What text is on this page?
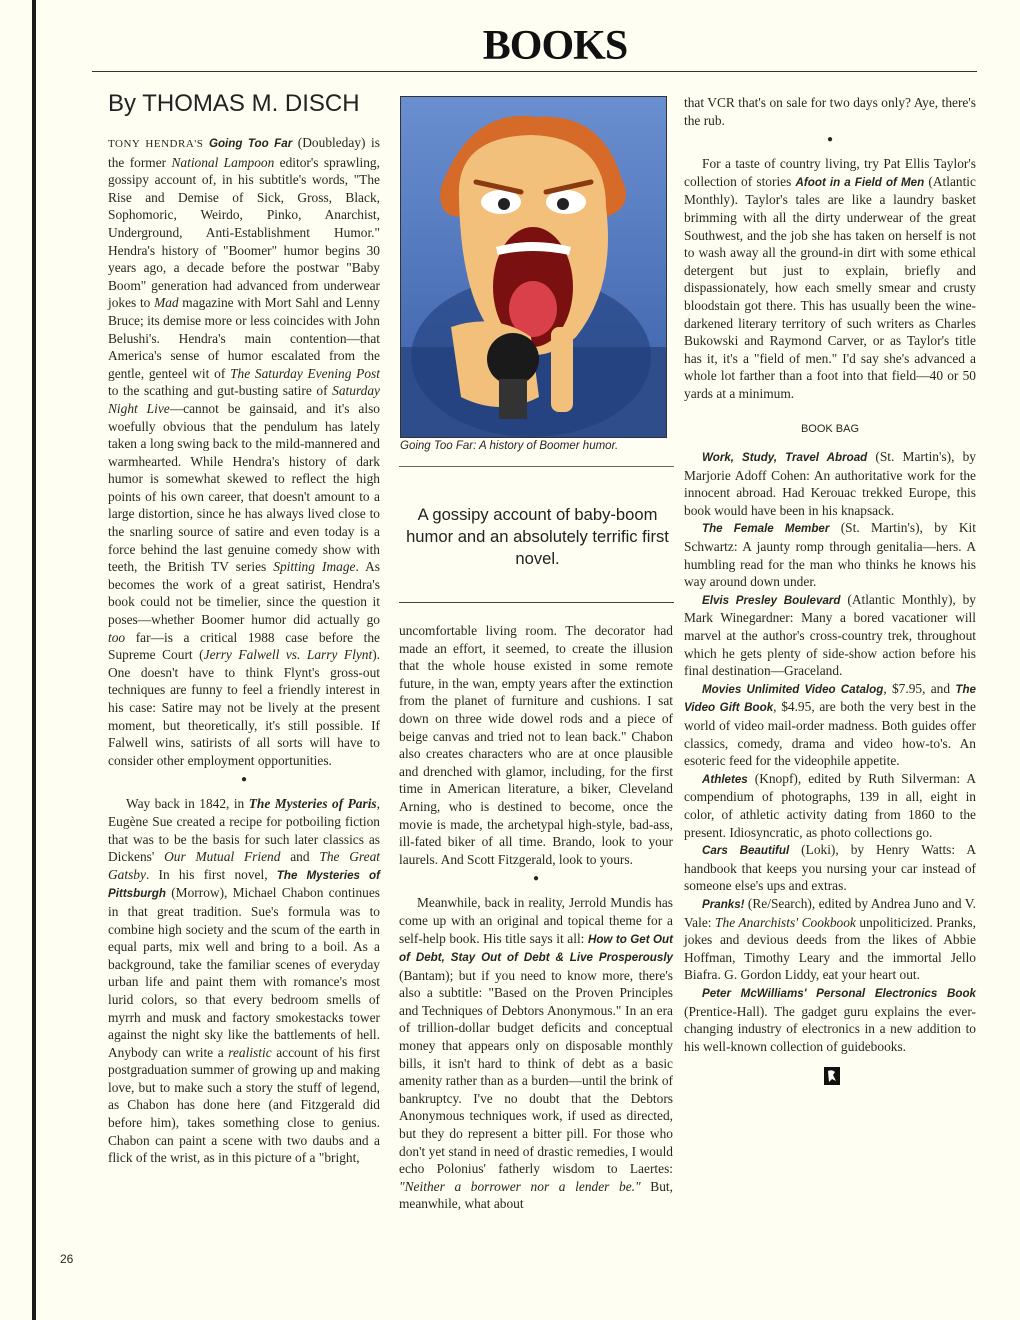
BOOKS
By THOMAS M. DISCH

TONY HENDRA'S Going Too Far (Doubleday) is the former National Lampoon editor's sprawling, gossipy account of, in his subtitle's words, "The Rise and Demise of Sick, Gross, Black, Sophomoric, Weirdo, Pinko, Anarchist, Underground, Anti-Establishment Humor." Hendra's history of "Boomer" humor begins 30 years ago, a decade before the postwar "Baby Boom" generation had advanced from underwear jokes to Mad magazine with Mort Sahl and Lenny Bruce; its demise more or less coincides with John Belushi's. Hendra's main contention—that America's sense of humor escalated from the gentle, genteel wit of The Saturday Evening Post to the scathing and gut-busting satire of Saturday Night Live—cannot be gainsaid, and it's also woefully obvious that the pendulum has lately taken a long swing back to the mild-mannered and warmhearted. While Hendra's history of dark humor is somewhat skewed to reflect the high points of his own career, that doesn't amount to a large distortion, since he has always lived close to the snarling source of satire and even today is a force behind the last genuine comedy show with teeth, the British TV series Spitting Image. As becomes the work of a great satirist, Hendra's book could not be timelier, since the question it poses—whether Boomer humor did actually go too far—is a critical 1988 case before the Supreme Court (Jerry Falwell vs. Larry Flynt). One doesn't have to think Flynt's gross-out techniques are funny to feel a friendly interest in his case: Satire may not be lively at the present moment, but theoretically, it's still possible. If Falwell wins, satirists of all sorts will have to consider other employment opportunities.

●

Way back in 1842, in The Mysteries of Paris, Eugène Sue created a recipe for potboiling fiction that was to be the basis for such later classics as Dickens' Our Mutual Friend and The Great Gatsby. In his first novel, The Mysteries of Pittsburgh (Morrow), Michael Chabon continues in that great tradition. Sue's formula was to combine high society and the scum of the earth in equal parts, mix well and bring to a boil. As a background, take the familiar scenes of everyday urban life and paint them with romance's most lurid colors, so that every bedroom smells of myrrh and musk and factory smokestacks tower against the night sky like the battlements of hell. Anybody can write a realistic account of his first postgraduation summer of growing up and making love, but to make such a story the stuff of legend, as Chabon has done here (and Fitzgerald did before him), takes something close to genius. Chabon can paint a scene with two daubs and a flick of the wrist, as in this picture of a "bright,

Going Too Far: A history of Boomer humor.
A gossipy account of baby-boom humor and an absolutely terrific first novel.

uncomfortable living room. The decorator had made an effort, it seemed, to create the illusion that the whole house existed in some remote future, in the wan, empty years after the extinction from the planet of furniture and cushions. I sat down on three wide dowel rods and a piece of beige canvas and tried not to lean back." Chabon also creates characters who are at once plausible and drenched with glamor, including, for the first time in American literature, a biker, Cleveland Arning, who is destined to become, once the movie is made, the archetypal high-style, bad-ass, ill-fated biker of all time. Brando, look to your laurels. And Scott Fitzgerald, look to yours.

●

Meanwhile, back in reality, Jerrold Mundis has come up with an original and topical theme for a self-help book. His title says it all: How to Get Out of Debt, Stay Out of Debt & Live Prosperously (Bantam); but if you need to know more, there's also a subtitle: "Based on the Proven Principles and Techniques of Debtors Anonymous." In an era of trillion-dollar budget deficits and conceptual money that appears only on disposable monthly bills, it isn't hard to think of debt as a basic amenity rather than as a burden—until the brink of bankruptcy. I've no doubt that the Debtors Anonymous techniques work, if used as directed, but they do represent a bitter pill. For those who don't yet stand in need of drastic remedies, I would echo Polonius' fatherly wisdom to Laertes: "Neither a borrower nor a lender be." But, meanwhile, what about

that VCR that's on sale for two days only? Aye, there's the rub.

●

For a taste of country living, try Pat Ellis Taylor's collection of stories Afoot in a Field of Men (Atlantic Monthly). Taylor's tales are like a laundry basket brimming with all the dirty underwear of the great Southwest, and the job she has taken on herself is not to wash away all the ground-in dirt with some ethical detergent but just to explain, briefly and dispassionately, how each smelly smear and crusty bloodstain got there. This has usually been the wine-darkened literary territory of such writers as Charles Bukowski and Raymond Carver, or as Taylor's title has it, it's a "field of men." I'd say she's advanced a whole lot farther than a foot into that field—40 or 50 yards at a minimum.

BOOK BAG

Work, Study, Travel Abroad (St. Martin's), by Marjorie Adoff Cohen: An authoritative work for the innocent abroad. Had Kerouac trekked Europe, this book would have been in his knapsack.

The Female Member (St. Martin's), by Kit Schwartz: A jaunty romp through genitalia—hers. A humbling read for the man who thinks he knows his way around down under.

Elvis Presley Boulevard (Atlantic Monthly), by Mark Winegardner: Many a bored vacationer will marvel at the author's cross-country trek, throughout which he gets plenty of side-show action before his final destination—Graceland.

Movies Unlimited Video Catalog, $7.95, and The Video Gift Book, $4.95, are both the very best in the world of video mail-order madness. Both guides offer classics, comedy, drama and video how-to's. An esoteric feed for the videophile appetite.

Athletes (Knopf), edited by Ruth Silverman: A compendium of photographs, 139 in all, eight in color, of athletic activity dating from 1860 to the present. Idiosyncratic, as photo collections go.

Cars Beautiful (Loki), by Henry Watts: A handbook that keeps you nursing your car instead of someone else's ups and extras.

Pranks! (Re/Search), edited by Andrea Juno and V. Vale: The Anarchists' Cookbook unpoliticized. Pranks, jokes and devious deeds from the likes of Abbie Hoffman, Timothy Leary and the immortal Jello Biafra. G. Gordon Liddy, eat your heart out.

Peter McWilliams' Personal Electronics Book (Prentice-Hall). The gadget guru explains the ever-changing industry of electronics in a new addition to his well-known collection of guidebooks.

26
